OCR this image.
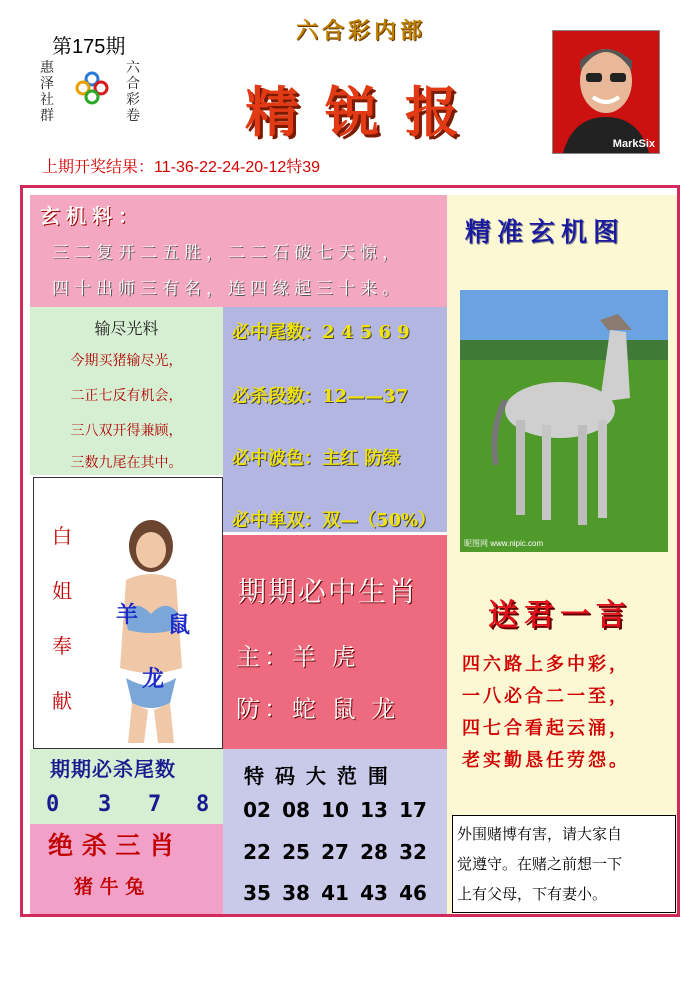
第175期
惠泽社群
六合彩卷
六合彩内部
精锐报	MarkSix
上期开奖结果：11-36-22-24-20-12特39
玄机料：
三二复开二五胜，二二石破七天惊，
四十出师三有名，连四缘起三十来。
输尽光料
今期买猪输尽光，
二正七反有机会，
三八双开得兼顾，
三数九尾在其中。
必中尾数：2 4 5 6 9
必杀段数：12——37
必中波色：主红 防绿
必中单双：双—（50%）
白
姐
奉
献
羊 鼠
龙
期期必中生肖
主：羊 虎
防：蛇 鼠 龙
期期必杀尾数
0 3 7 8
绝 杀 三 肖
猪 牛 兔
特 码 大 范 围
02 08 10 13 17
22 25 27 28 32
35 38 41 43 46
精准玄机图
昵图网 www.nipic.com
送君一言
四六路上多中彩，
一八必合二一至，
四七合看起云涌，
老实勤恳任劳怨。
外围赌博有害，请大家自
觉遵守。在赌之前想一下
上有父母，下有妻小。
